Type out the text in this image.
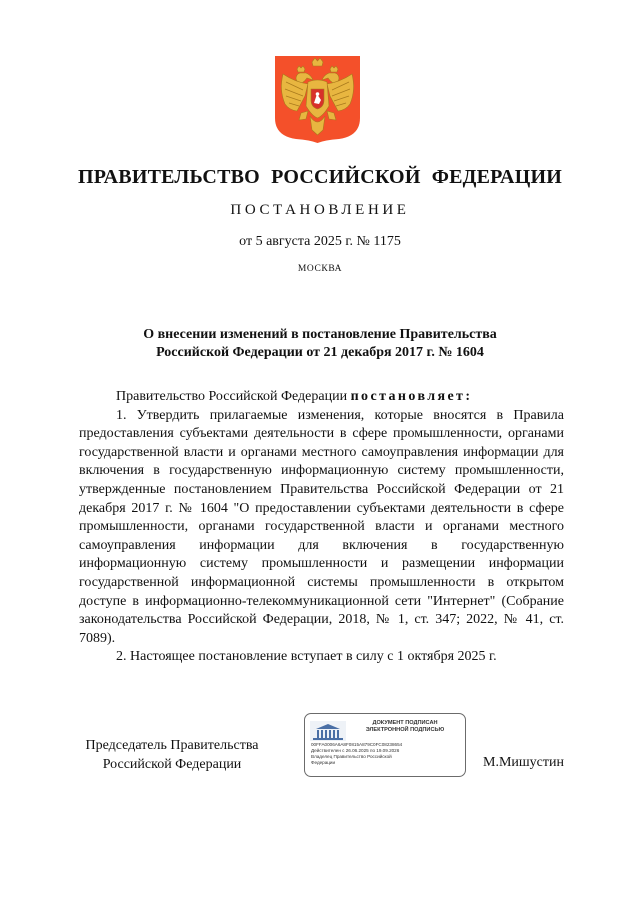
ПРАВИТЕЛЬСТВО РОССИЙСКОЙ ФЕДЕРАЦИИ
ПОСТАНОВЛЕНИЕ
от 5 августа 2025 г. № 1175
МОСКВА
О внесении изменений в постановление Правительства
Российской Федерации от 21 декабря 2017 г. № 1604

Правительство Российской Федерации постановляет:

1. Утвердить прилагаемые изменения, которые вносятся в Правила предоставления субъектами деятельности в сфере промышленности, органами государственной власти и органами местного самоуправления информации для включения в государственную информационную систему промышленности, утвержденные постановлением Правительства Российской Федерации от 21 декабря 2017 г. № 1604 "О предоставлении субъектами деятельности в сфере промышленности, органами государственной власти и органами местного самоуправления информации для включения в государственную информационную систему промышленности и размещении информации государственной информационной системы промышленности в открытом доступе в информационно-телекоммуникационной сети "Интернет" (Собрание законодательства Российской Федерации, 2018, № 1, ст. 347; 2022, № 41, ст. 7089).

2. Настоящее постановление вступает в силу с 1 октября 2025 г.

Председатель Правительства
Российской Федерации
ДОКУМЕНТ ПОДПИСАН
ЭЛЕКТРОННОЙ ПОДПИСЬЮ
00FFA0006A6A8F0815A879C0FC08238654
Действителен с 26.06.2025 по 19.09.2026
Владелец Правительство Российской
Федерации	М.Мишустин
